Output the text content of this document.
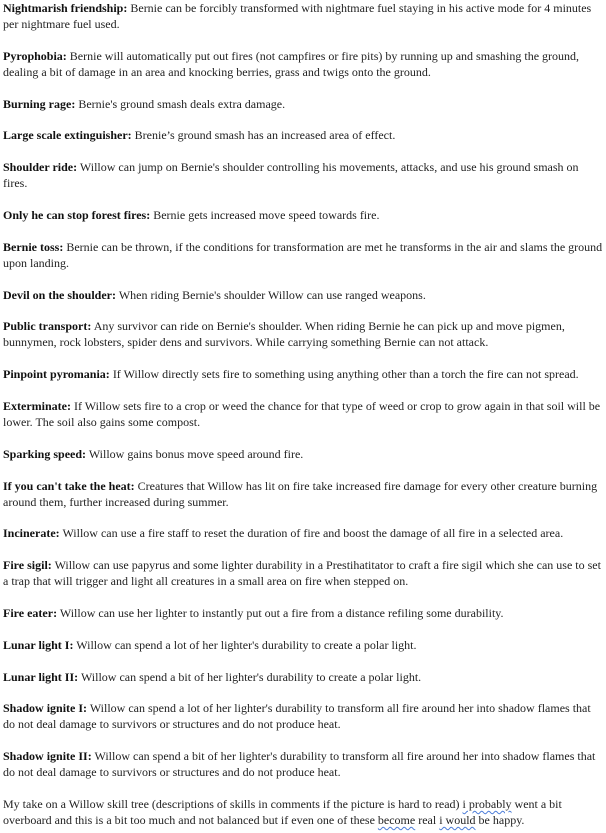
Nightmarish friendship: Bernie can be forcibly transformed with nightmare fuel staying in his active mode for 4 minutes per nightmare fuel used.

Pyrophobia: Bernie will automatically put out fires (not campfires or fire pits) by running up and smashing the ground, dealing a bit of damage in an area and knocking berries, grass and twigs onto the ground.

Burning rage: Bernie's ground smash deals extra damage.

Large scale extinguisher: Brenie’s ground smash has an increased area of effect.

Shoulder ride: Willow can jump on Bernie's shoulder controlling his movements, attacks, and use his ground smash on fires.

Only he can stop forest fires: Bernie gets increased move speed towards fire.

Bernie toss: Bernie can be thrown, if the conditions for transformation are met he transforms in the air and slams the ground upon landing.

Devil on the shoulder: When riding Bernie's shoulder Willow can use ranged weapons.

Public transport: Any survivor can ride on Bernie's shoulder. When riding Bernie he can pick up and move pigmen, bunnymen, rock lobsters, spider dens and survivors. While carrying something Bernie can not attack.

Pinpoint pyromania: If Willow directly sets fire to something using anything other than a torch the fire can not spread.

Exterminate: If Willow sets fire to a crop or weed the chance for that type of weed or crop to grow again in that soil will be lower. The soil also gains some compost.

Sparking speed: Willow gains bonus move speed around fire.

If you can't take the heat: Creatures that Willow has lit on fire take increased fire damage for every other creature burning around them, further increased during summer.

Incinerate: Willow can use a fire staff to reset the duration of fire and boost the damage of all fire in a selected area.

Fire sigil: Willow can use papyrus and some lighter durability in a Prestihatitator to craft a fire sigil which she can use to set a trap that will trigger and light all creatures in a small area on fire when stepped on.

Fire eater: Willow can use her lighter to instantly put out a fire from a distance refiling some durability.

Lunar light I: Willow can spend a lot of her lighter's durability to create a polar light.

Lunar light II: Willow can spend a bit of her lighter's durability to create a polar light.

Shadow ignite I: Willow can spend a lot of her lighter's durability to transform all fire around her into shadow flames that do not deal damage to survivors or structures and do not produce heat.

Shadow ignite II: Willow can spend a bit of her lighter's durability to transform all fire around her into shadow flames that do not deal damage to survivors or structures and do not produce heat.

My take on a Willow skill tree (descriptions of skills in comments if the picture is hard to read) i probably went a bit overboard and this is a bit too much and not balanced but if even one of these become real i would be happy.
